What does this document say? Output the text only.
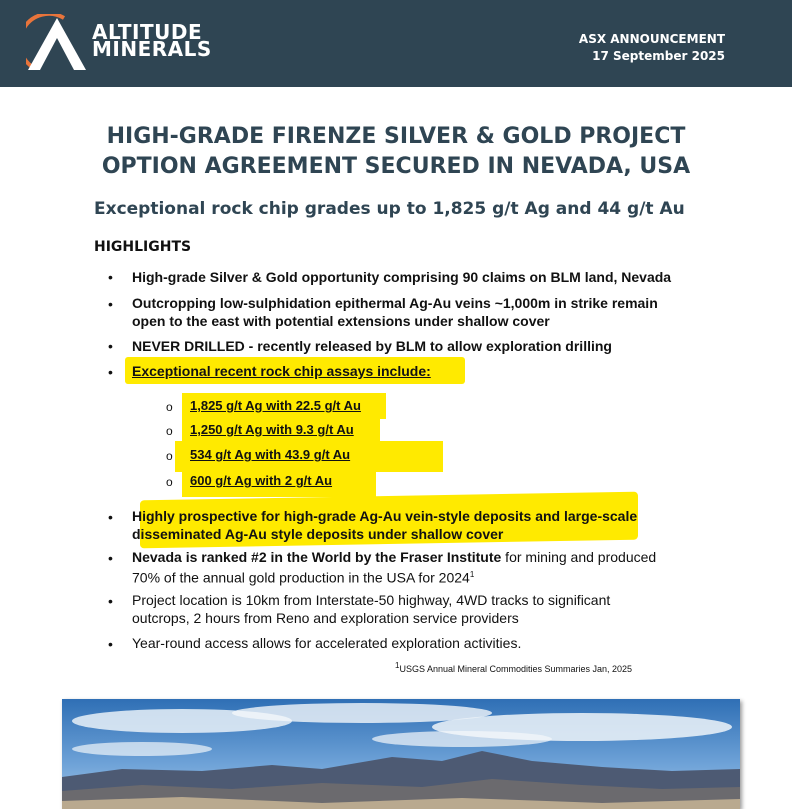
ALTITUDE
MINERALS	ASX ANNOUNCEMENT
17 September 2025
HIGH-GRADE FIRENZE SILVER & GOLD PROJECT
OPTION AGREEMENT SECURED IN NEVADA, USA
Exceptional rock chip grades up to 1,825 g/t Ag and 44 g/t Au
HIGHLIGHTS
• High-grade Silver & Gold opportunity comprising 90 claims on BLM land, Nevada
• Outcropping low-sulphidation epithermal Ag-Au veins ~1,000m in strike remain
open to the east with potential extensions under shallow cover
• NEVER DRILLED - recently released by BLM to allow exploration drilling
• Exceptional recent rock chip assays include:
o 1,825 g/t Ag with 22.5 g/t Au
o 1,250 g/t Ag with 9.3 g/t Au
o 534 g/t Ag with 43.9 g/t Au
o 600 g/t Ag with 2 g/t Au
• Highly prospective for high-grade Ag-Au vein-style deposits and large-scale
disseminated Ag-Au style deposits under shallow cover
• Nevada is ranked #2 in the World by the Fraser Institute for mining and produced
70% of the annual gold production in the USA for 2024$^1$
• Project location is 10km from Interstate-50 highway, 4WD tracks to significant
outcrops, 2 hours from Reno and exploration service providers
• Year-round access allows for accelerated exploration activities.
$^1$USGS Annual Mineral Commodities Summaries Jan, 2025
